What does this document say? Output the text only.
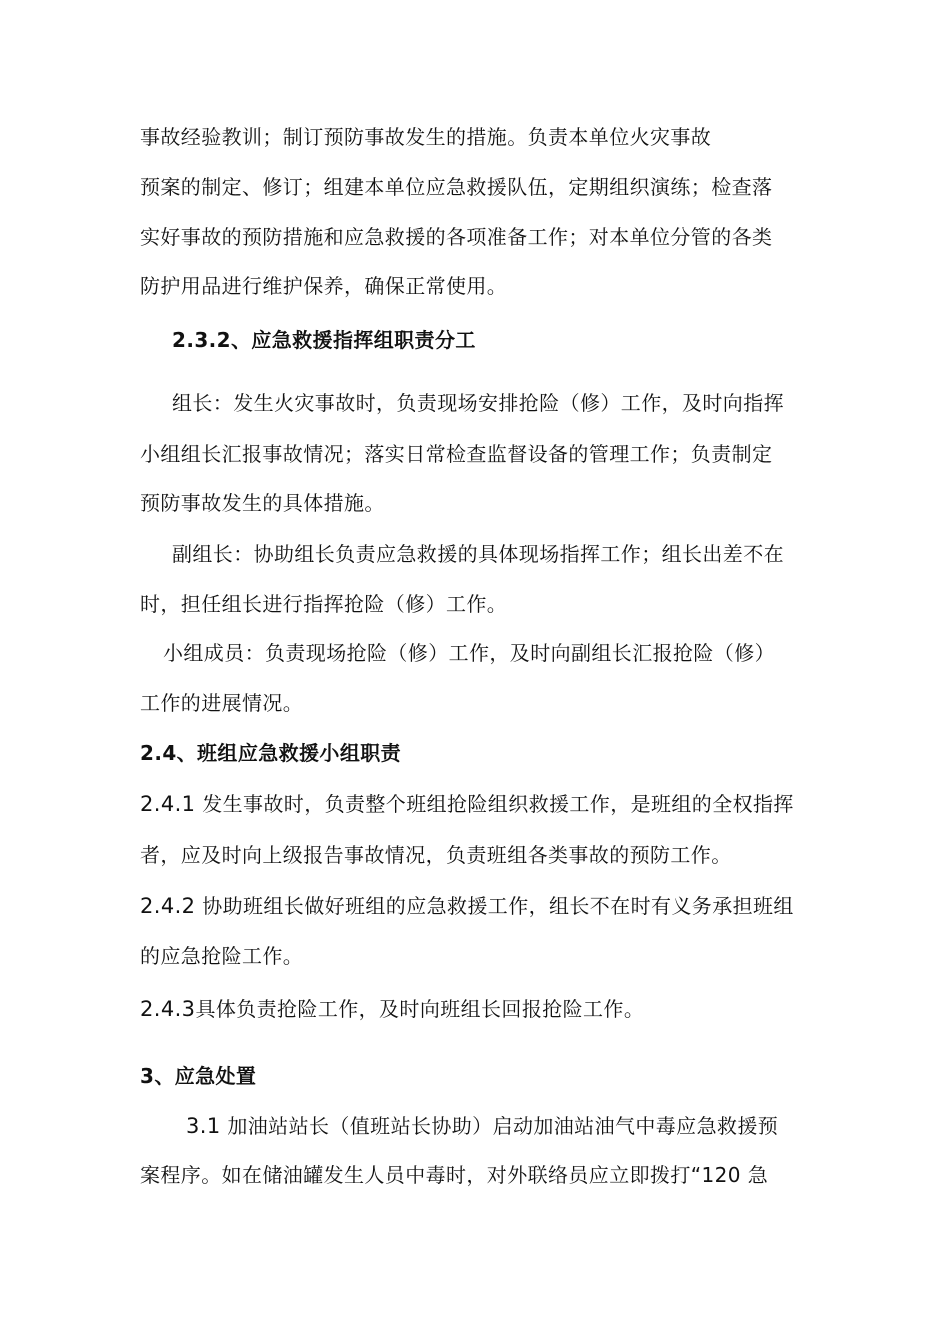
事故经验教训；制订预防事故发生的措施。负责本单位火灾事故
预案的制定、修订；组建本单位应急救援队伍，定期组织演练；检查落
实好事故的预防措施和应急救援的各项准备工作；对本单位分管的各类
防护用品进行维护保养，确保正常使用。
2.3.2、应急救援指挥组职责分工
组长：发生火灾事故时，负责现场安排抢险（修）工作，及时向指挥
小组组长汇报事故情况；落实日常检查监督设备的管理工作；负责制定
预防事故发生的具体措施。
副组长：协助组长负责应急救援的具体现场指挥工作；组长出差不在
时，担任组长进行指挥抢险（修）工作。
小组成员：负责现场抢险（修）工作，及时向副组长汇报抢险（修）
工作的进展情况。
2.4、班组应急救援小组职责
2.4.1 发生事故时，负责整个班组抢险组织救援工作，是班组的全权指挥
者，应及时向上级报告事故情况，负责班组各类事故的预防工作。
2.4.2 协助班组长做好班组的应急救援工作，组长不在时有义务承担班组
的应急抢险工作。
2.4.3具体负责抢险工作，及时向班组长回报抢险工作。
3、应急处置
3.1 加油站站长（值班站长协助）启动加油站油气中毒应急救援预
案程序。如在储油罐发生人员中毒时，对外联络员应立即拨打“120 急
